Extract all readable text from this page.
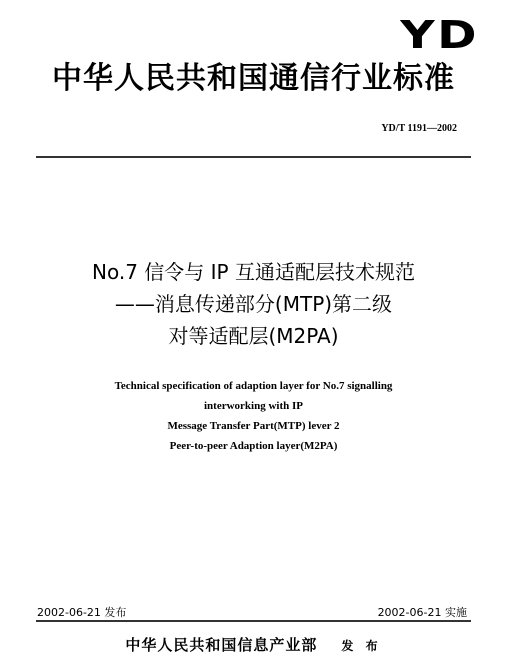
YD
中华人民共和国通信行业标准
YD/T 1191—2002
No.7 信令与 IP 互通适配层技术规范
——消息传递部分(MTP)第二级
对等适配层(M2PA)
Technical specification of adaption layer for No.7 signalling
interworking with IP
Message Transfer Part(MTP) lever 2
Peer-to-peer Adaption layer(M2PA)
2002-06-21 发布	2002-06-21 实施
中华人民共和国信息产业部 发 布
